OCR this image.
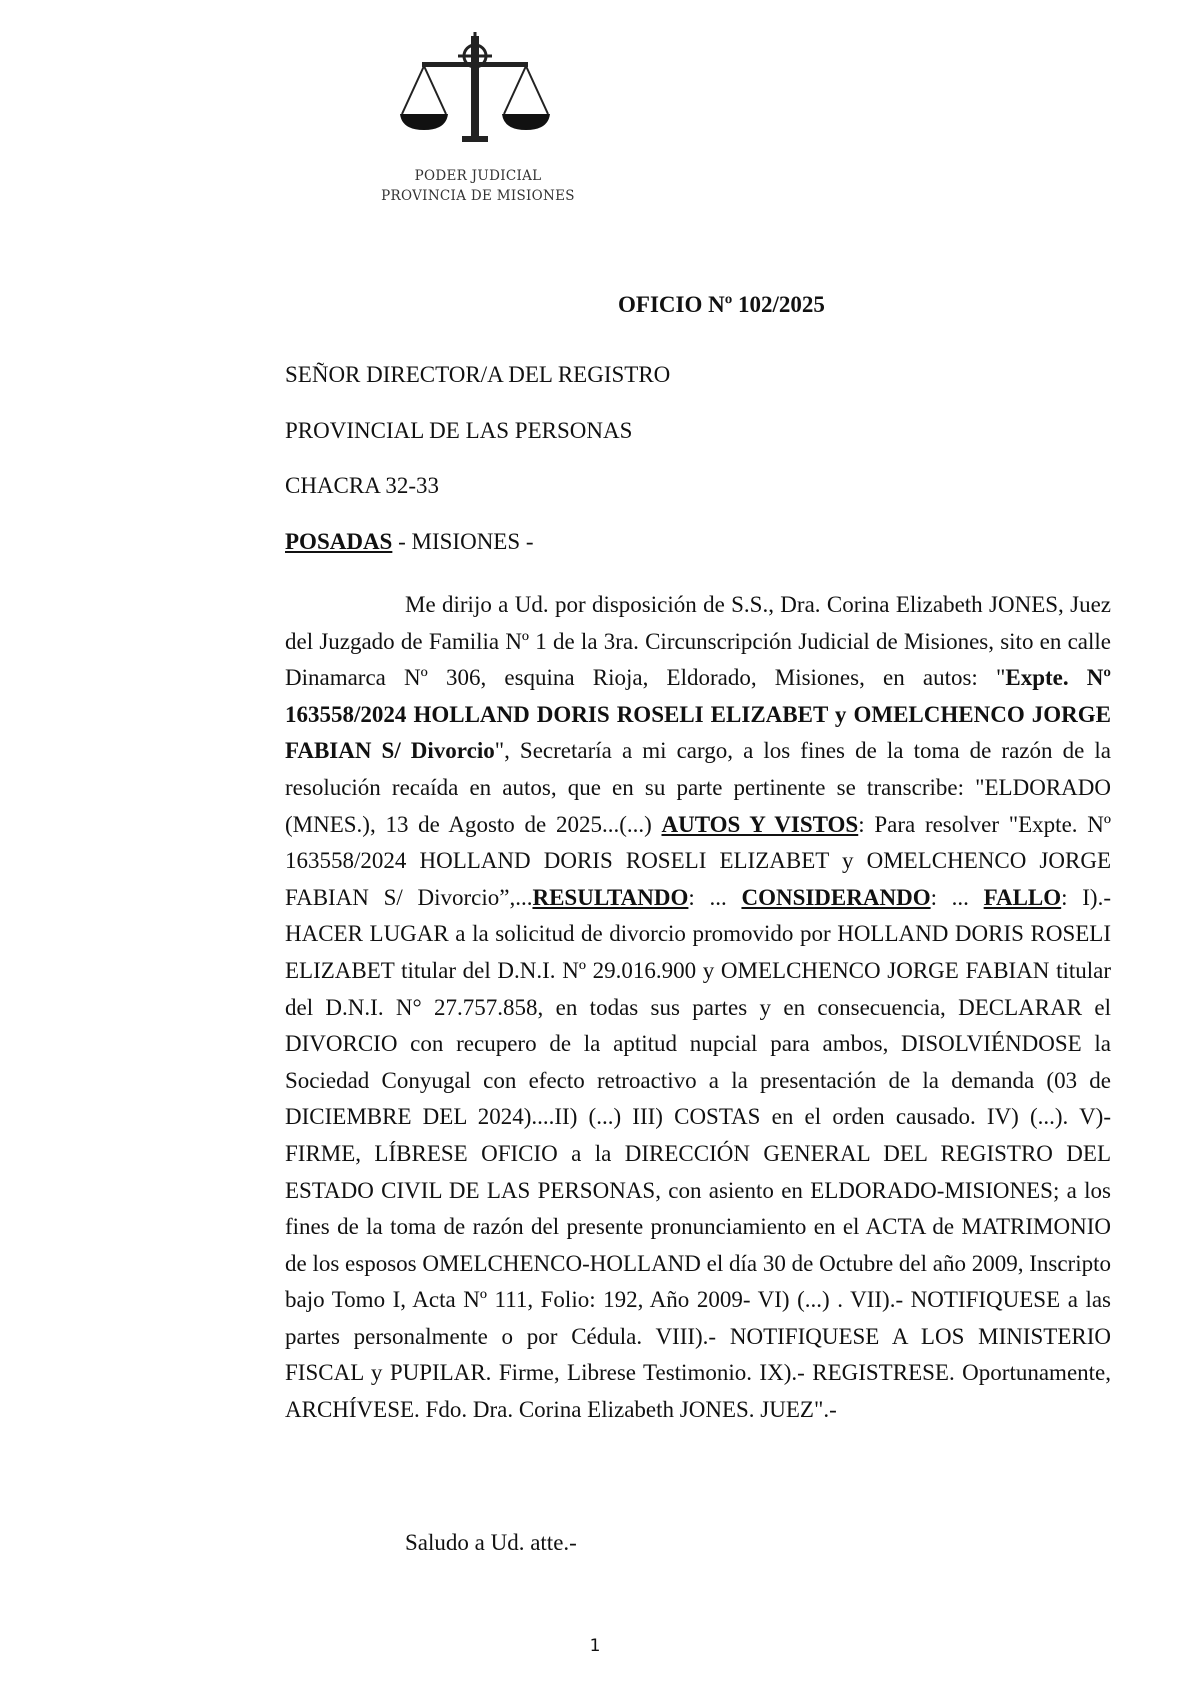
PODER JUDICIAL
PROVINCIA DE MISIONES
OFICIO Nº 102/2025
SEÑOR DIRECTOR/A DEL REGISTRO
PROVINCIAL DE LAS PERSONAS
CHACRA 32-33
POSADAS - MISIONES -

Me dirijo a Ud. por disposición de S.S., Dra. Corina Elizabeth JONES, Juez del Juzgado de Familia Nº 1 de la 3ra. Circunscripción Judicial de Misiones, sito en calle Dinamarca Nº 306, esquina Rioja, Eldorado, Misiones, en autos: "Expte. Nº 163558/2024 HOLLAND DORIS ROSELI ELIZABET y OMELCHENCO JORGE FABIAN S/ Divorcio", Secretaría a mi cargo, a los fines de la toma de razón de la resolución recaída en autos, que en su parte pertinente se transcribe: "ELDORADO (MNES.), 13 de Agosto de 2025...(...) AUTOS Y VISTOS: Para resolver "Expte. Nº 163558/2024 HOLLAND DORIS ROSELI ELIZABET y OMELCHENCO JORGE FABIAN S/ Divorcio”,...RESULTANDO: ... CONSIDERANDO: ... FALLO: I).- HACER LUGAR a la solicitud de divorcio promovido por HOLLAND DORIS ROSELI ELIZABET titular del D.N.I. Nº 29.016.900 y OMELCHENCO JORGE FABIAN titular del D.N.I. N° 27.757.858, en todas sus partes y en consecuencia, DECLARAR el DIVORCIO con recupero de la aptitud nupcial para ambos, DISOLVIÉNDOSE la Sociedad Conyugal con efecto retroactivo a la presentación de la demanda (03 de DICIEMBRE DEL 2024)....II) (...) III) COSTAS en el orden causado. IV) (...). V)- FIRME, LÍBRESE OFICIO a la DIRECCIÓN GENERAL DEL REGISTRO DEL ESTADO CIVIL DE LAS PERSONAS, con asiento en ELDORADO-MISIONES; a los fines de la toma de razón del presente pronunciamiento en el ACTA de MATRIMONIO de los esposos OMELCHENCO-HOLLAND el día 30 de Octubre del año 2009, Inscripto bajo Tomo I, Acta Nº 111, Folio: 192, Año 2009- VI) (...) . VII).- NOTIFIQUESE a las partes personalmente o por Cédula. VIII).- NOTIFIQUESE A LOS MINISTERIO FISCAL y PUPILAR. Firme, Librese Testimonio. IX).- REGISTRESE. Oportunamente, ARCHÍVESE. Fdo. Dra. Corina Elizabeth JONES. JUEZ".-

Saludo a Ud. atte.-
1
